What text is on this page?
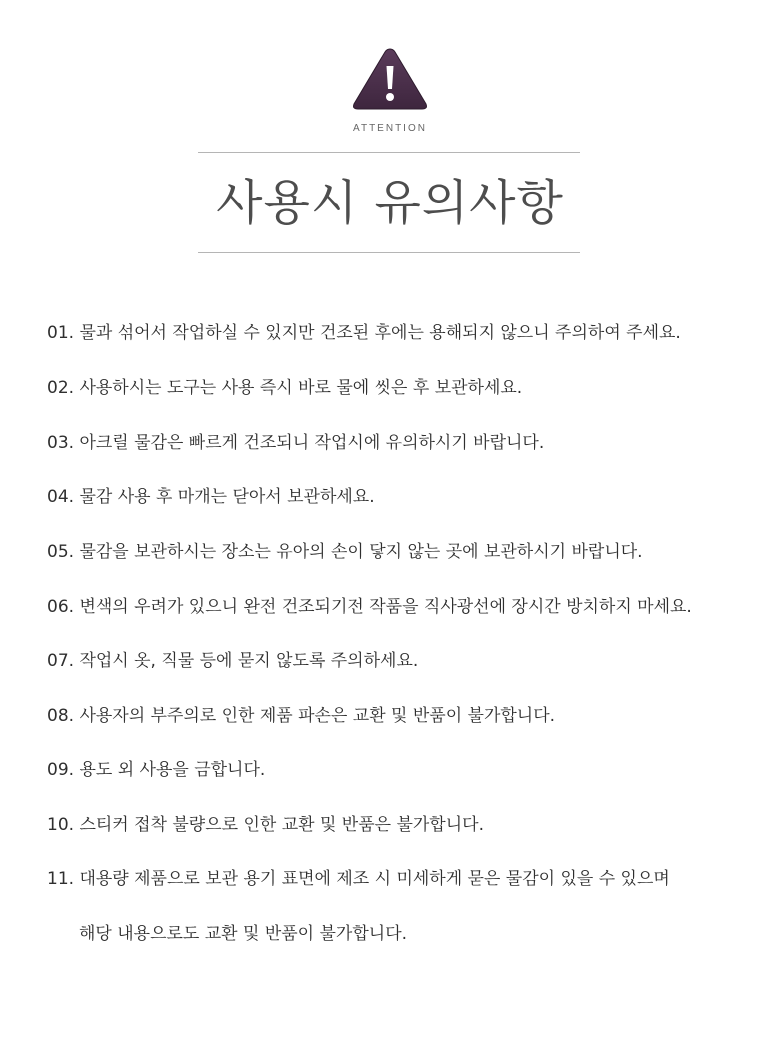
ATTENTION
사용시 유의사항
01. 물과 섞어서 작업하실 수 있지만 건조된 후에는 용해되지 않으니 주의하여 주세요.
02. 사용하시는 도구는 사용 즉시 바로 물에 씻은 후 보관하세요.
03. 아크릴 물감은 빠르게 건조되니 작업시에 유의하시기 바랍니다.
04. 물감 사용 후 마개는 닫아서 보관하세요.
05. 물감을 보관하시는 장소는 유아의 손이 닿지 않는 곳에 보관하시기 바랍니다.
06. 변색의 우려가 있으니 완전 건조되기전 작품을 직사광선에 장시간 방치하지 마세요.
07. 작업시 옷, 직물 등에 묻지 않도록 주의하세요.
08. 사용자의 부주의로 인한 제품 파손은 교환 및 반품이 불가합니다.
09. 용도 외 사용을 금합니다.
10. 스티커 접착 불량으로 인한 교환 및 반품은 불가합니다.
11. 대용량 제품으로 보관 용기 표면에 제조 시 미세하게 묻은 물감이 있을 수 있으며
해당 내용으로도 교환 및 반품이 불가합니다.
